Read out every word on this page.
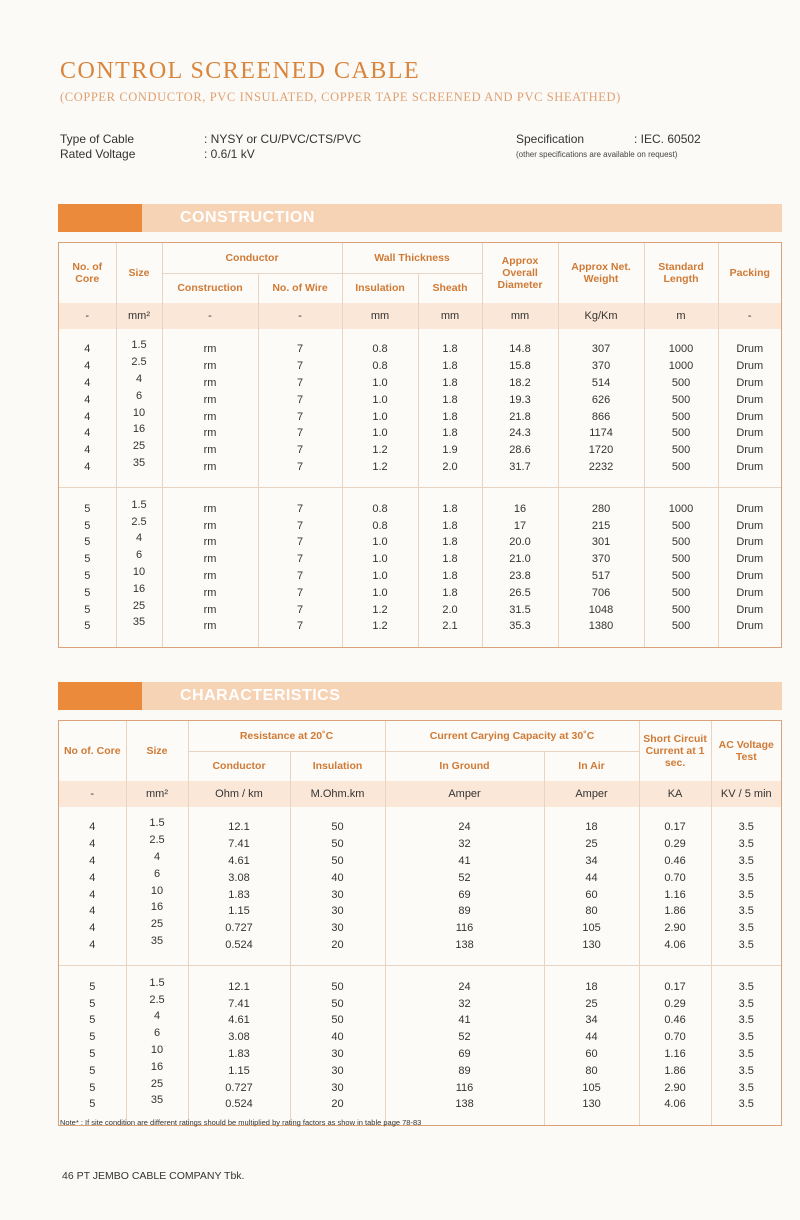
CONTROL SCREENED CABLE
(COPPER CONDUCTOR, PVC INSULATED, COPPER TAPE SCREENED AND PVC SHEATHED)
Type of Cable	: NYSY or CU/PVC/CTS/PVC
Rated Voltage	: 0.6/1 kV
Specification	: IEC. 60502
(other specifications are available on request)
CONSTRUCTION
No. of Core	Size	Conductor		Wall Thickness		Approx Overall Diameter	Approx Net. Weight	Standard Length	Packing
		Construction	No. of Wire	Insulation	Sheath				
-	mm²	-	-	mm	mm	mm	Kg/Km	m	-

4	1.5	rm	7	0.8	1.8	14.8	307	1000	Drum
4	2.5	rm	7	0.8	1.8	15.8	370	1000	Drum
4	4	rm	7	1.0	1.8	18.2	514	500	Drum
4	6	rm	7	1.0	1.8	19.3	626	500	Drum
4	10	rm	7	1.0	1.8	21.8	866	500	Drum
4	16	rm	7	1.0	1.8	24.3	1174	500	Drum
4	25	rm	7	1.2	1.9	28.6	1720	500	Drum
4	35	rm	7	1.2	2.0	31.7	2232	500	Drum

5	1.5	rm	7	0.8	1.8	16	280	1000	Drum
5	2.5	rm	7	0.8	1.8	17	215	500	Drum
5	4	rm	7	1.0	1.8	20.0	301	500	Drum
5	6	rm	7	1.0	1.8	21.0	370	500	Drum
5	10	rm	7	1.0	1.8	23.8	517	500	Drum
5	16	rm	7	1.0	1.8	26.5	706	500	Drum
5	25	rm	7	1.2	2.0	31.5	1048	500	Drum
5	35	rm	7	1.2	2.1	35.3	1380	500	Drum

CHARACTERISTICS
No of. Core	Size	Resistance at 20˚C		Current Carying Capacity at 30˚C		Short Circuit Current at 1 sec.	AC Voltage Test
		Conductor	Insulation	In Ground	In Air		
-	mm²	Ohm / km	M.Ohm.km	Amper	Amper	KA	KV / 5 min

4	1.5	12.1	50	24	18	0.17	3.5
4	2.5	7.41	50	32	25	0.29	3.5
4	4	4.61	50	41	34	0.46	3.5
4	6	3.08	40	52	44	0.70	3.5
4	10	1.83	30	69	60	1.16	3.5
4	16	1.15	30	89	80	1.86	3.5
4	25	0.727	30	116	105	2.90	3.5
4	35	0.524	20	138	130	4.06	3.5

5	1.5	12.1	50	24	18	0.17	3.5
5	2.5	7.41	50	32	25	0.29	3.5
5	4	4.61	50	41	34	0.46	3.5
5	6	3.08	40	52	44	0.70	3.5
5	10	1.83	30	69	60	1.16	3.5
5	16	1.15	30	89	80	1.86	3.5
5	25	0.727	30	116	105	2.90	3.5
5	35	0.524	20	138	130	4.06	3.5

Note* : If site condition are different ratings should be multiplied by rating factors as show in table page 78-83
46 PT JEMBO CABLE COMPANY Tbk.
